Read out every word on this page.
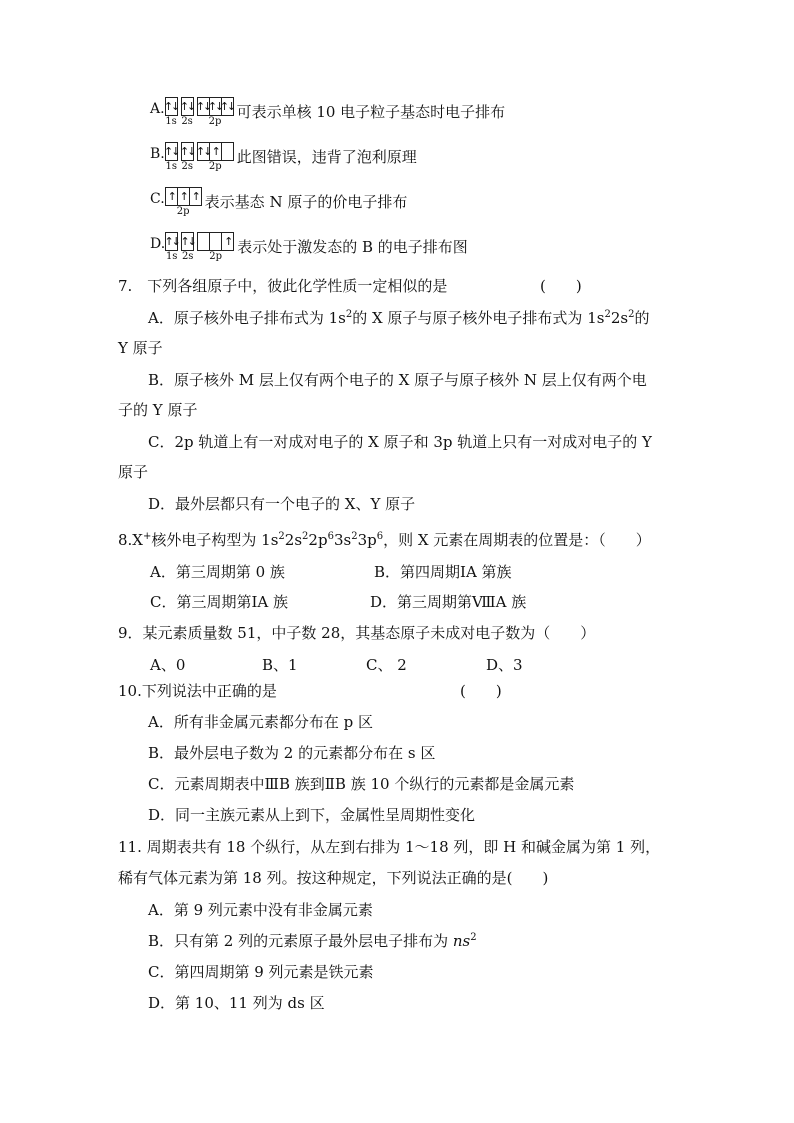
A. ↑↓
1s
↑↓
2s
↑↓
↑↓
↑↓
2p
可表示单核 10 电子粒子基态时电子排布
B. ↑↓
1s
↑↓
2s
↑↓ ↑
2p
此图错误，违背了泡利原理
C. ↑ ↑ ↑
2p
表示基态 N 原子的价电子排布
D. ↑↓
1s
↑↓
2s
↑
2p
表示处于激发态的 B 的电子排布图
7.　下列各组原子中，彼此化学性质一定相似的是	(　　)
A．原子核外电子排布式为 $1s^2$的 X 原子与原子核外电子排布式为 $1s^22s^2$的
Y 原子
B．原子核外 M 层上仅有两个电子的 X 原子与原子核外 N 层上仅有两个电
子的 Y 原子
C．2p 轨道上有一对成对电子的 X 原子和 3p 轨道上只有一对成对电子的 Y
原子
D．最外层都只有一个电子的 X、Y 原子
8.X+核外电子构型为 $1s^22s^22p^63s^23p^6$，则 X 元素在周期表的位置是：（　　）
A．第三周期第 0 族	B．第四周期ⅠA 第族
C．第三周期第ⅠA 族	D．第三周期第ⅧA 族
9．某元素质量数 51，中子数 28，其基态原子未成对电子数为（　　）
A、0	B、1	C、 2	D、3
10.下列说法中正确的是	(　　)
A．所有非金属元素都分布在 p 区
B．最外层电子数为 2 的元素都分布在 s 区
C．元素周期表中ⅢB 族到ⅡB 族 10 个纵行的元素都是金属元素
D．同一主族元素从上到下，金属性呈周期性变化
11. 周期表共有 18 个纵行，从左到右排为 1～18 列，即 H 和碱金属为第 1 列，
稀有气体元素为第 18 列。按这种规定，下列说法正确的是(　　)
A．第 9 列元素中没有非金属元素
B．只有第 2 列的元素原子最外层电子排布为 $ns^2$
C．第四周期第 9 列元素是铁元素
D．第 10、11 列为 ds 区
